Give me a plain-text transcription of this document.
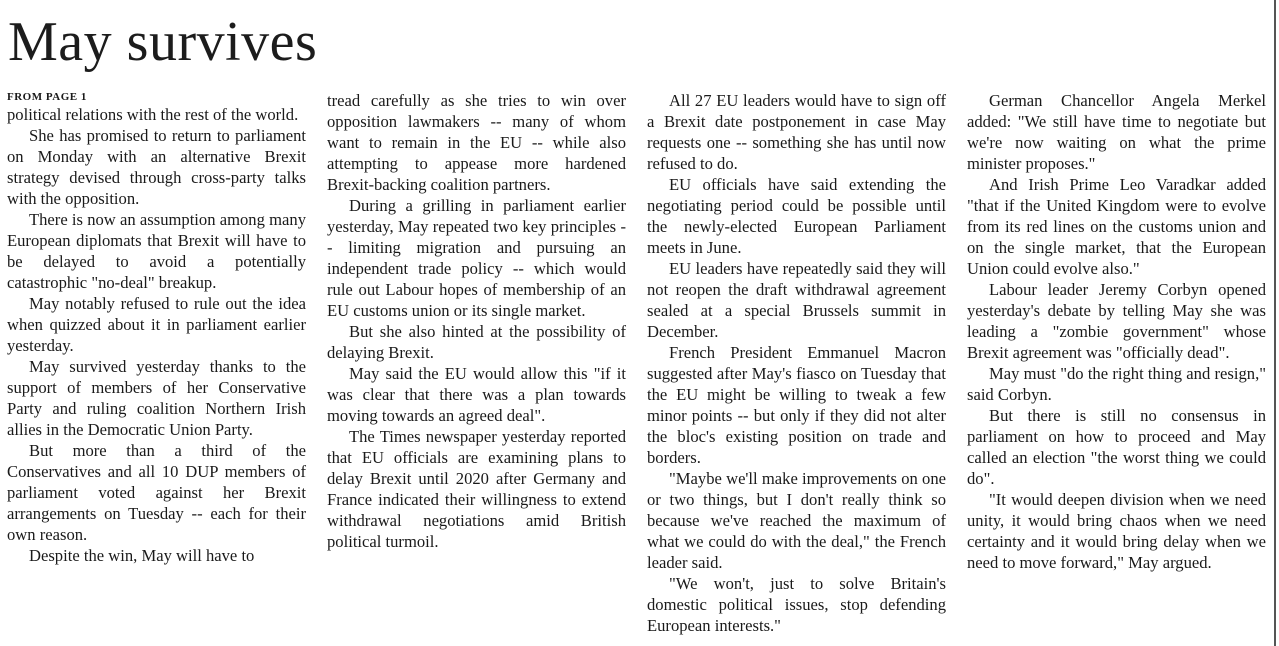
May survives
FROM PAGE 1

political relations with the rest of the world.

She has promised to return to parliament on Monday with an alternative Brexit strategy devised through cross-party talks with the opposition.

There is now an assumption among many European diplomats that Brexit will have to be delayed to avoid a potentially catastrophic "no-deal" breakup.

May notably refused to rule out the idea when quizzed about it in parliament earlier yesterday.

May survived yesterday thanks to the support of members of her Conservative Party and ruling coalition Northern Irish allies in the Democratic Union Party.

But more than a third of the Conservatives and all 10 DUP members of parliament voted against her Brexit arrangements on Tuesday -- each for their own reason.

Despite the win, May will have to

tread carefully as she tries to win over opposition lawmakers -- many of whom want to remain in the EU -- while also attempting to appease more hardened Brexit-backing coalition partners.

During a grilling in parliament earlier yesterday, May repeated two key principles -- limiting migration and pursuing an independent trade policy -- which would rule out Labour hopes of membership of an EU customs union or its single market.

But she also hinted at the possibility of delaying Brexit.

May said the EU would allow this "if it was clear that there was a plan towards moving towards an agreed deal".

The Times newspaper yesterday reported that EU officials are examining plans to delay Brexit until 2020 after Germany and France indicated their willingness to extend withdrawal negotiations amid British political turmoil.

All 27 EU leaders would have to sign off a Brexit date postponement in case May requests one -- something she has until now refused to do.

EU officials have said extending the negotiating period could be possible until the newly-elected European Parliament meets in June.

EU leaders have repeatedly said they will not reopen the draft withdrawal agreement sealed at a special Brussels summit in December.

French President Emmanuel Macron suggested after May's fiasco on Tuesday that the EU might be willing to tweak a few minor points -- but only if they did not alter the bloc's existing position on trade and borders.

"Maybe we'll make improvements on one or two things, but I don't really think so because we've reached the maximum of what we could do with the deal," the French leader said.

"We won't, just to solve Britain's domestic political issues, stop defending European interests."

German Chancellor Angela Merkel added: "We still have time to negotiate but we're now waiting on what the prime minister proposes."

And Irish Prime Leo Varadkar added "that if the United Kingdom were to evolve from its red lines on the customs union and on the single market, that the European Union could evolve also."

Labour leader Jeremy Corbyn opened yesterday's debate by telling May she was leading a "zombie government" whose Brexit agreement was "officially dead".

May must "do the right thing and resign," said Corbyn.

But there is still no consensus in parliament on how to proceed and May called an election "the worst thing we could do".

"It would deepen division when we need unity, it would bring chaos when we need certainty and it would bring delay when we need to move forward," May argued.
